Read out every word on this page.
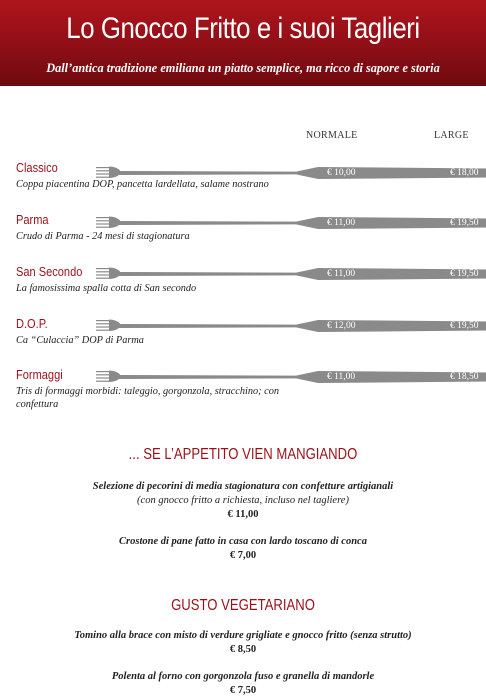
Lo Gnocco Fritto e i suoi Taglieri
Dall’antica tradizione emiliana un piatto semplice, ma ricco di sapore e storia
NORMALE	LARGE
Classico	€ 10,00	€ 18,00
Coppa piacentina DOP, pancetta lardellata, salame nostrano
Parma	€ 11,00	€ 19,50
Crudo di Parma - 24 mesi di stagionatura
San Secondo	€ 11,00	€ 19,50
La famosissima spalla cotta di San secondo
D.O.P.	€ 12,00	€ 19,50
Ca “Culaccia” DOP di Parma
Formaggi	€ 11,00	€ 18,50
Tris di formaggi morbidi: taleggio, gorgonzola, stracchino; con confettura
... SE L’APPETITO VIEN MANGIANDO
Selezione di pecorini di media stagionatura con confetture artigianali
(con gnocco fritto a richiesta, incluso nel tagliere)
€ 11,00
Crostone di pane fatto in casa con lardo toscano di conca
€ 7,00
GUSTO VEGETARIANO
Tomino alla brace con misto di verdure grigliate e gnocco fritto (senza strutto)
€ 8,50
Polenta al forno con gorgonzola fuso e granella di mandorle
€ 7,50
